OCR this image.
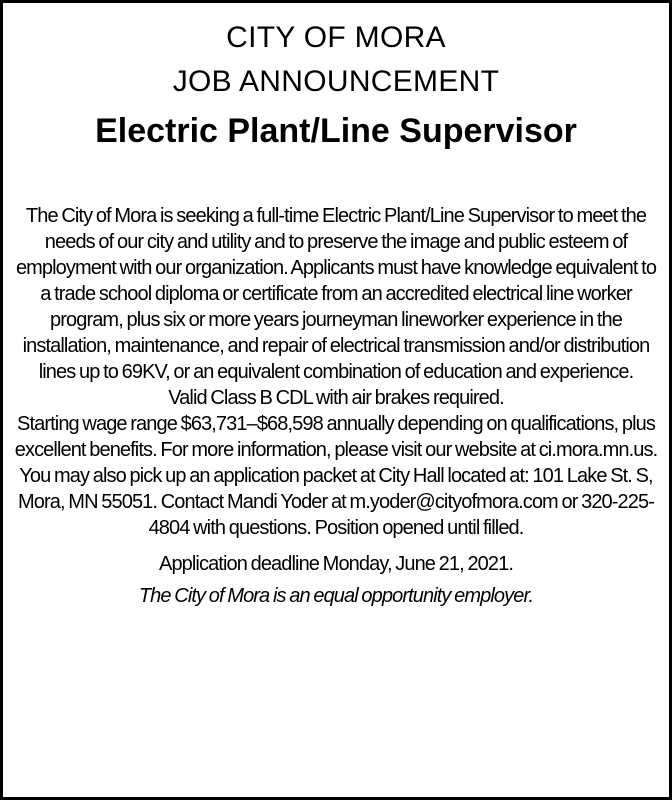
CITY OF MORA
JOB ANNOUNCEMENT
Electric Plant/Line Supervisor

The City of Mora is seeking a full-time Electric Plant/Line Supervisor to meet the needs of our city and utility and to preserve the image and public esteem of employment with our organization. Applicants must have knowledge equivalent to a trade school diploma or certificate from an accredited electrical line worker program, plus six or more years journeyman lineworker experience in the installation, maintenance, and repair of electrical transmission and/or distribution lines up to 69KV, or an equivalent combination of education and experience.

Valid Class B CDL with air brakes required.

Starting wage range $63,731–$68,598 annually depending on qualifications, plus excellent benefits. For more information, please visit our website at ci.mora.mn.us. You may also pick up an application packet at City Hall located at: 101 Lake St. S, Mora, MN 55051. Contact Mandi Yoder at m.yoder@cityofmora.com or 320-225-4804 with questions. Position opened until filled.

Application deadline Monday, June 21, 2021.

The City of Mora is an equal opportunity employer.
